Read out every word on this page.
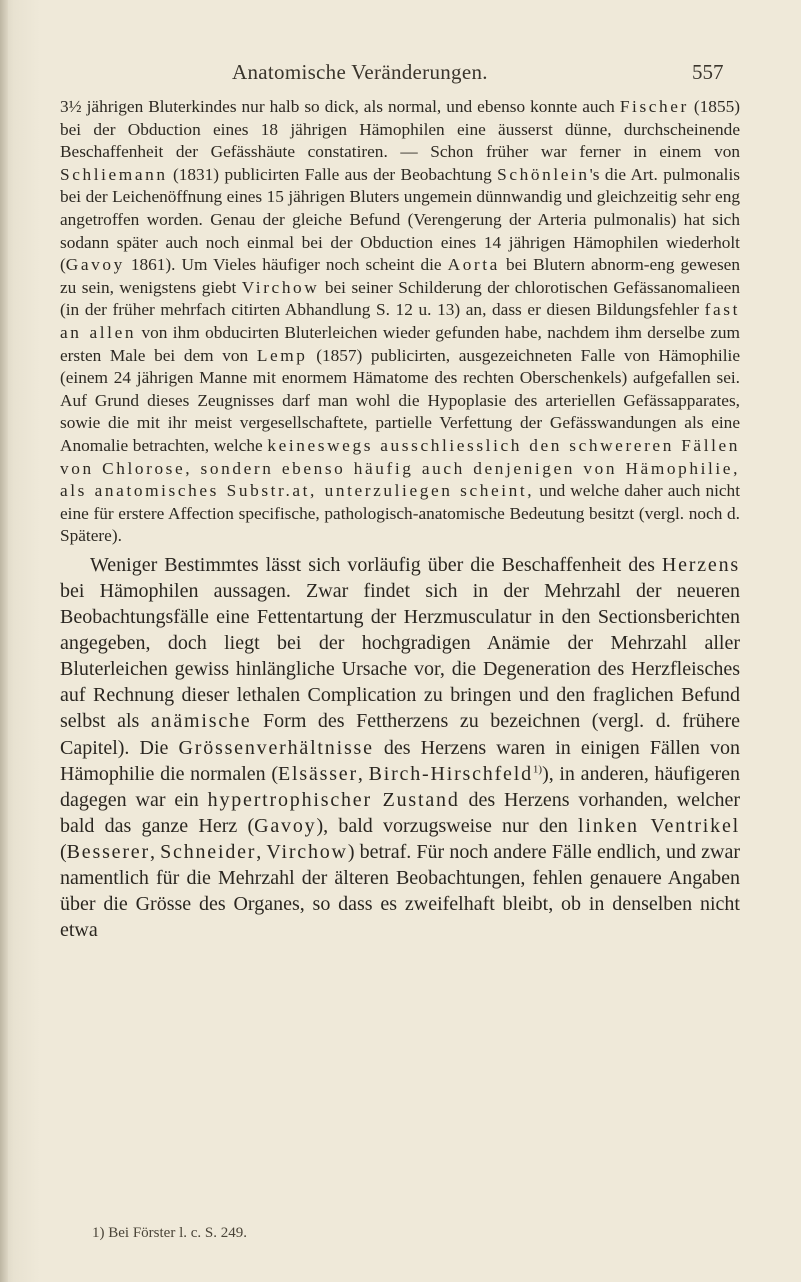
Anatomische Veränderungen.	557

3½ jährigen Bluterkindes nur halb so dick, als normal, und ebenso konnte auch Fischer (1855) bei der Obduction eines 18 jährigen Hämophilen eine äusserst dünne, durchscheinende Beschaffenheit der Gefässhäute constatiren. — Schon früher war ferner in einem von Schliemann (1831) publicirten Falle aus der Beobachtung Schönlein's die Art. pulmonalis bei der Leichenöffnung eines 15 jährigen Bluters ungemein dünnwandig und gleichzeitig sehr eng angetroffen worden. Genau der gleiche Befund (Verengerung der Arteria pulmonalis) hat sich sodann später auch noch einmal bei der Obduction eines 14 jährigen Hämophilen wiederholt (Gavoy 1861). Um Vieles häufiger noch scheint die Aorta bei Blutern abnorm-eng gewesen zu sein, wenigstens giebt Virchow bei seiner Schilderung der chlorotischen Gefässanomalieen (in der früher mehrfach citirten Abhandlung S. 12 u. 13) an, dass er diesen Bildungsfehler fast an allen von ihm obducirten Bluterleichen wieder gefunden habe, nachdem ihm derselbe zum ersten Male bei dem von Lemp (1857) publicirten, ausgezeichneten Falle von Hämophilie (einem 24 jährigen Manne mit enormem Hämatome des rechten Oberschenkels) aufgefallen sei. Auf Grund dieses Zeugnisses darf man wohl die Hypoplasie des arteriellen Gefässapparates, sowie die mit ihr meist vergesellschaftete, partielle Verfettung der Gefässwandungen als eine Anomalie betrachten, welche keineswegs ausschliesslich den schwereren Fällen von Chlorose, sondern ebenso häufig auch denjenigen von Hämophilie, als anatomisches Substr.at, unterzuliegen scheint, und welche daher auch nicht eine für erstere Affection specifische, pathologisch-anatomische Bedeutung besitzt (vergl. noch d. Spätere).

Weniger Bestimmtes lässt sich vorläufig über die Beschaffenheit des Herzens bei Hämophilen aussagen. Zwar findet sich in der Mehrzahl der neueren Beobachtungsfälle eine Fettentartung der Herzmusculatur in den Sectionsberichten angegeben, doch liegt bei der hochgradigen Anämie der Mehrzahl aller Bluterleichen gewiss hinlängliche Ursache vor, die Degeneration des Herzfleisches auf Rechnung dieser lethalen Complication zu bringen und den fraglichen Befund selbst als anämische Form des Fettherzens zu bezeichnen (vergl. d. frühere Capitel). Die Grössenverhältnisse des Herzens waren in einigen Fällen von Hämophilie die normalen (Elsässer, Birch-Hirschfeld$^{1)}$), in anderen, häufigeren dagegen war ein hypertrophischer Zustand des Herzens vorhanden, welcher bald das ganze Herz (Gavoy), bald vorzugsweise nur den linken Ventrikel (Besserer, Schneider, Virchow) betraf. Für noch andere Fälle endlich, und zwar namentlich für die Mehrzahl der älteren Beobachtungen, fehlen genauere Angaben über die Grösse des Organes, so dass es zweifelhaft bleibt, ob in denselben nicht etwa

1) Bei Förster l. c. S. 249.
